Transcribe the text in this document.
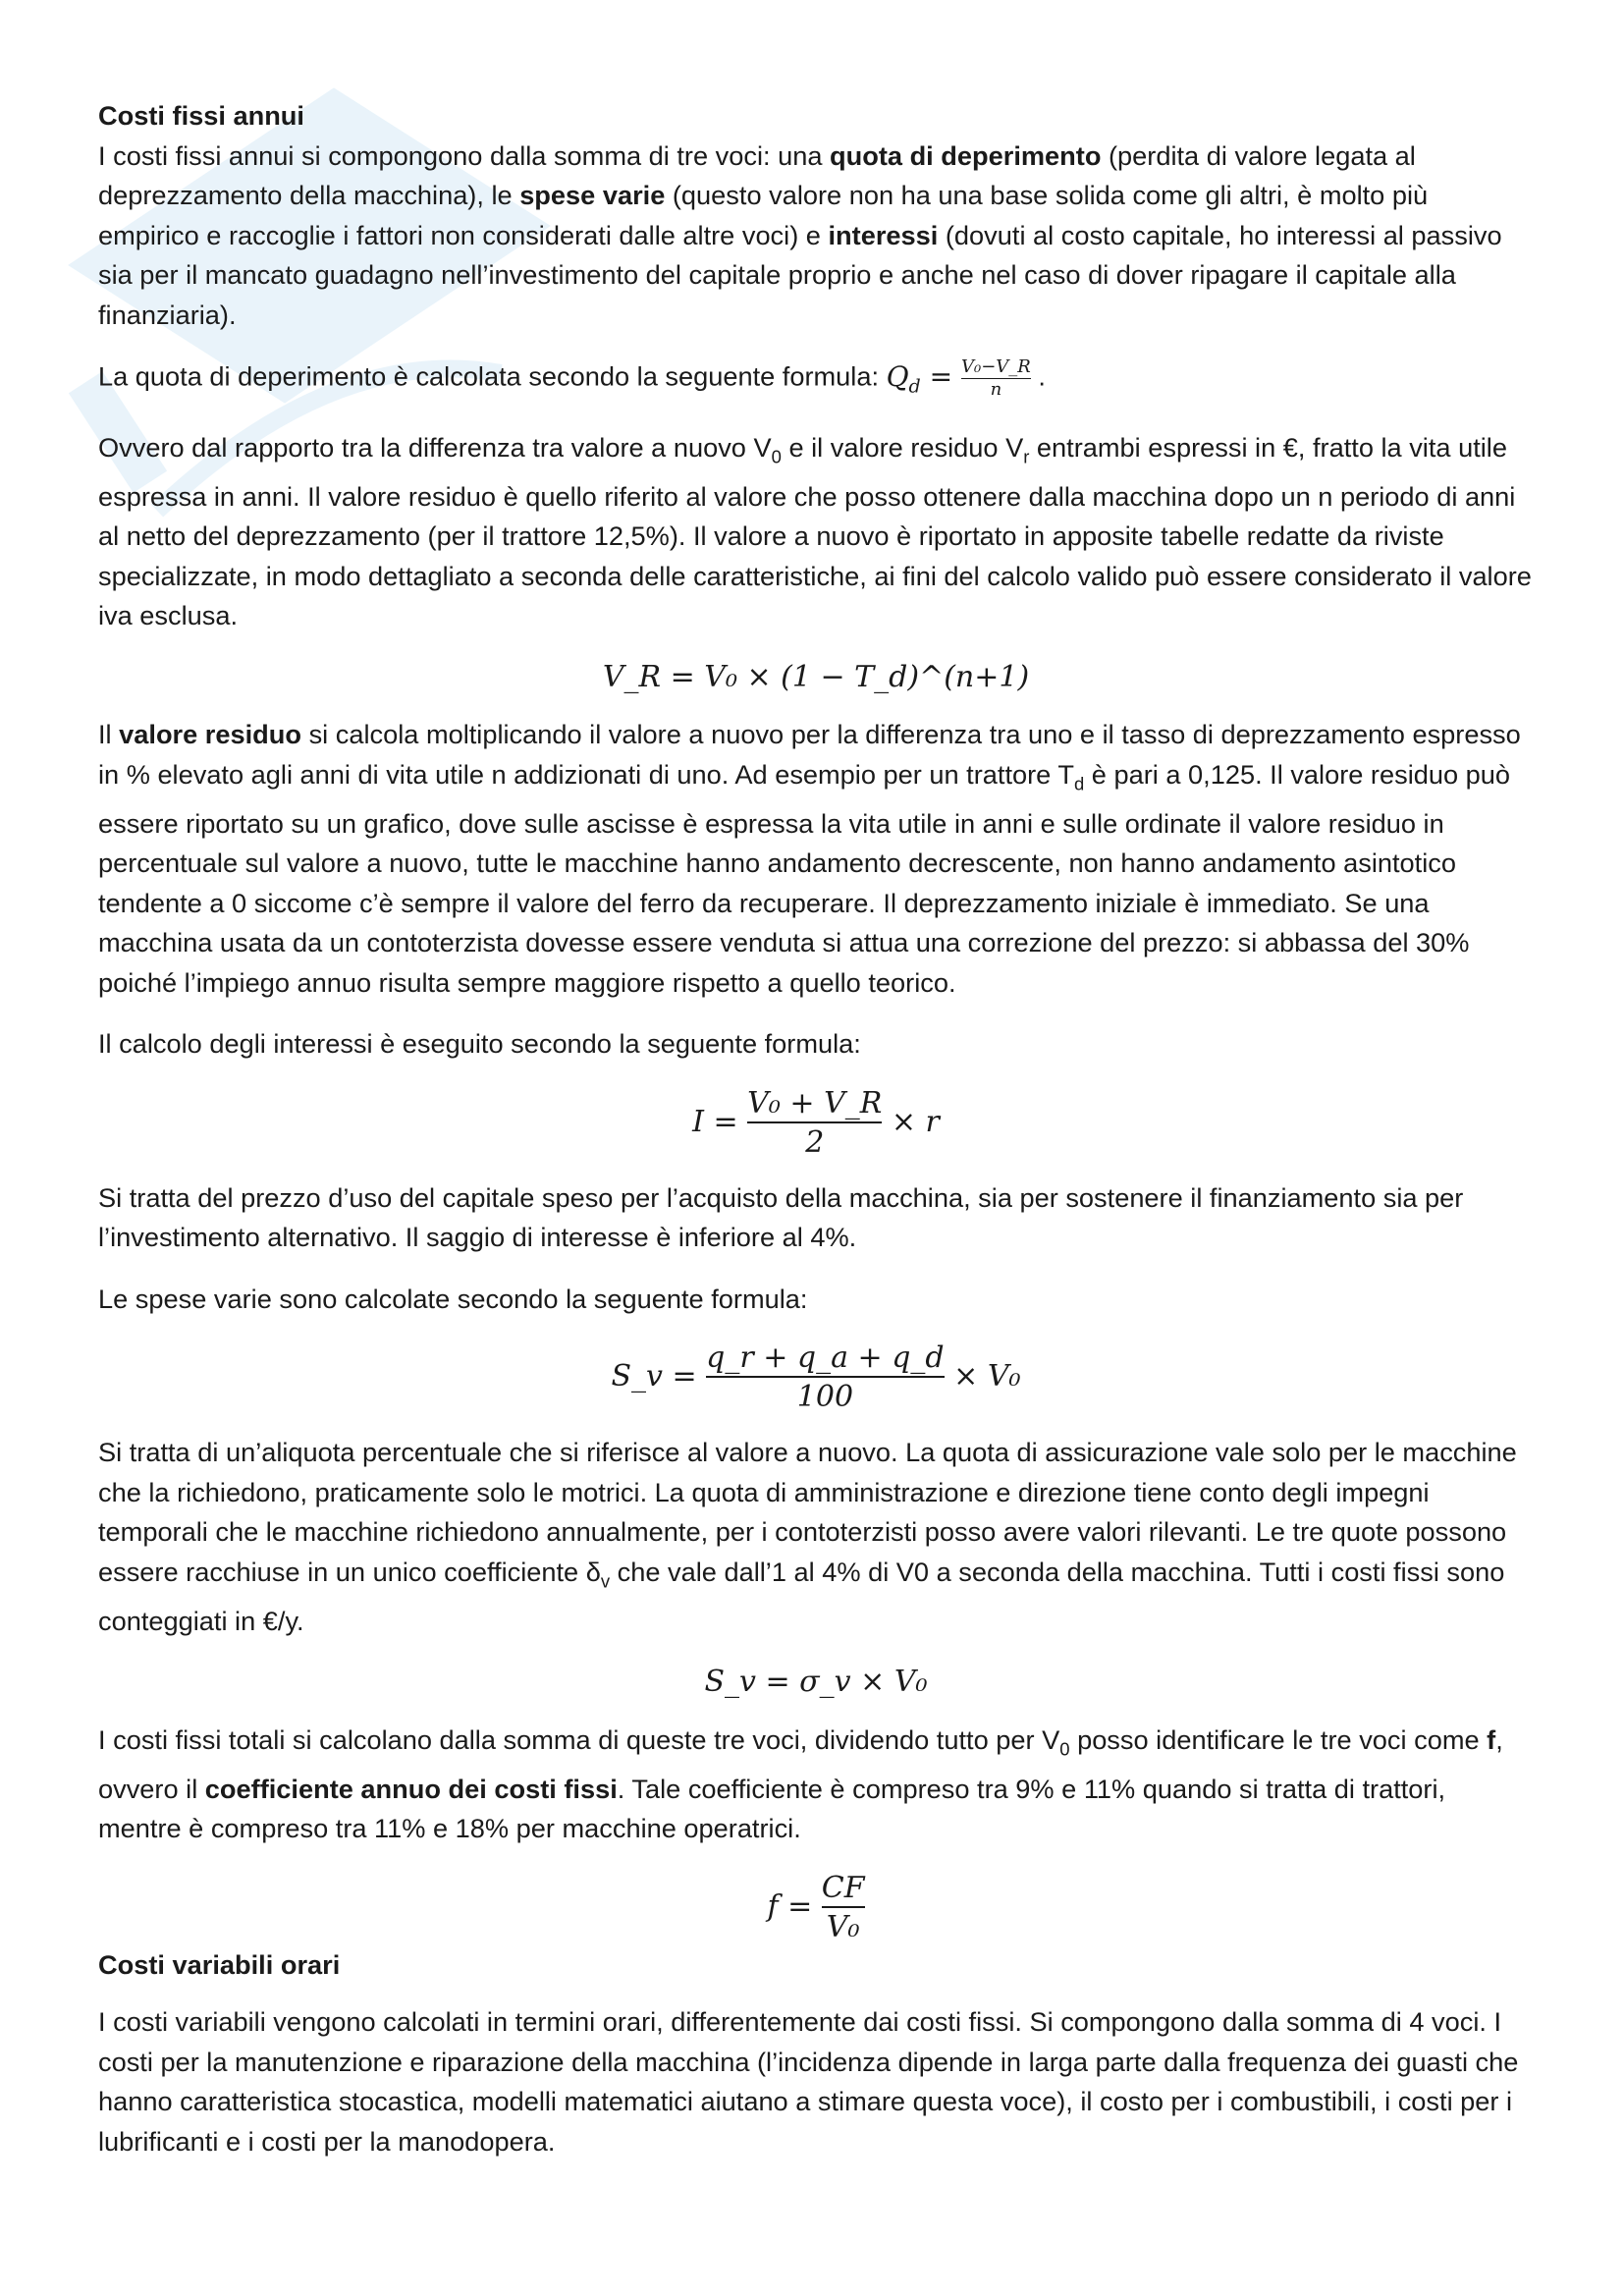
Costi fissi annui

I costi fissi annui si compongono dalla somma di tre voci: una quota di deperimento (perdita di valore legata al deprezzamento della macchina), le spese varie (questo valore non ha una base solida come gli altri, è molto più empirico e raccoglie i fattori non considerati dalle altre voci) e interessi (dovuti al costo capitale, ho interessi al passivo sia per il mancato guadagno nell’investimento del capitale proprio e anche nel caso di dover ripagare il capitale alla finanziaria).

La quota di deperimento è calcolata secondo la seguente formula: $Q_d = \frac{\text{V₀−V\_R}}{n}$ .

Ovvero dal rapporto tra la differenza tra valore a nuovo $V_0$ e il valore residuo $V_r$ entrambi espressi in €, fratto la vita utile espressa in anni. Il valore residuo è quello riferito al valore che posso ottenere dalla macchina dopo un n periodo di anni al netto del deprezzamento (per il trattore 12,5%). Il valore a nuovo è riportato in apposite tabelle redatte da riviste specializzate, in modo dettagliato a seconda delle caratteristiche, ai fini del calcolo valido può essere considerato il valore iva esclusa.

V_R = V₀ × (1 − T_d)^(n+1)

Il valore residuo si calcola moltiplicando il valore a nuovo per la differenza tra uno e il tasso di deprezzamento espresso in % elevato agli anni di vita utile n addizionati di uno. Ad esempio per un trattore $T_d$ è pari a 0,125. Il valore residuo può essere riportato su un grafico, dove sulle ascisse è espressa la vita utile in anni e sulle ordinate il valore residuo in percentuale sul valore a nuovo, tutte le macchine hanno andamento decrescente, non hanno andamento asintotico tendente a 0 siccome c’è sempre il valore del ferro da recuperare. Il deprezzamento iniziale è immediato. Se una macchina usata da un contoterzista dovesse essere venduta si attua una correzione del prezzo: si abbassa del 30% poiché l’impiego annuo risulta sempre maggiore rispetto a quello teorico.

Il calcolo degli interessi è eseguito secondo la seguente formula:

$I = \frac{\text{V₀ + V\_R}}{2} \times r$

Si tratta del prezzo d’uso del capitale speso per l’acquisto della macchina, sia per sostenere il finanziamento sia per l’investimento alternativo. Il saggio di interesse è inferiore al 4%.

Le spese varie sono calcolate secondo la seguente formula:

S_v = $\frac{q\_r + q\_a + q\_d}{100} \times V_0$

Si tratta di un’aliquota percentuale che si riferisce al valore a nuovo. La quota di assicurazione vale solo per le macchine che la richiedono, praticamente solo le motrici. La quota di amministrazione e direzione tiene conto degli impegni temporali che le macchine richiedono annualmente, per i contoterzisti posso avere valori rilevanti. Le tre quote possono essere racchiuse in un unico coefficiente $\delta_v$ che vale dall’1 al 4% di V0 a seconda della macchina. Tutti i costi fissi sono conteggiati in €/y.

S_v = σ_v × V₀

I costi fissi totali si calcolano dalla somma di queste tre voci, dividendo tutto per $V_0$ posso identificare le tre voci come f, ovvero il coefficiente annuo dei costi fissi. Tale coefficiente è compreso tra 9% e 11% quando si tratta di trattori, mentre è compreso tra 11% e 18% per macchine operatrici.

$f = \frac{CF}{\text{V₀}}$

Costi variabili orari

I costi variabili vengono calcolati in termini orari, differentemente dai costi fissi. Si compongono dalla somma di 4 voci. I costi per la manutenzione e riparazione della macchina (l’incidenza dipende in larga parte dalla frequenza dei guasti che hanno caratteristica stocastica, modelli matematici aiutano a stimare questa voce), il costo per i combustibili, i costi per i lubrificanti e i costi per la manodopera.
